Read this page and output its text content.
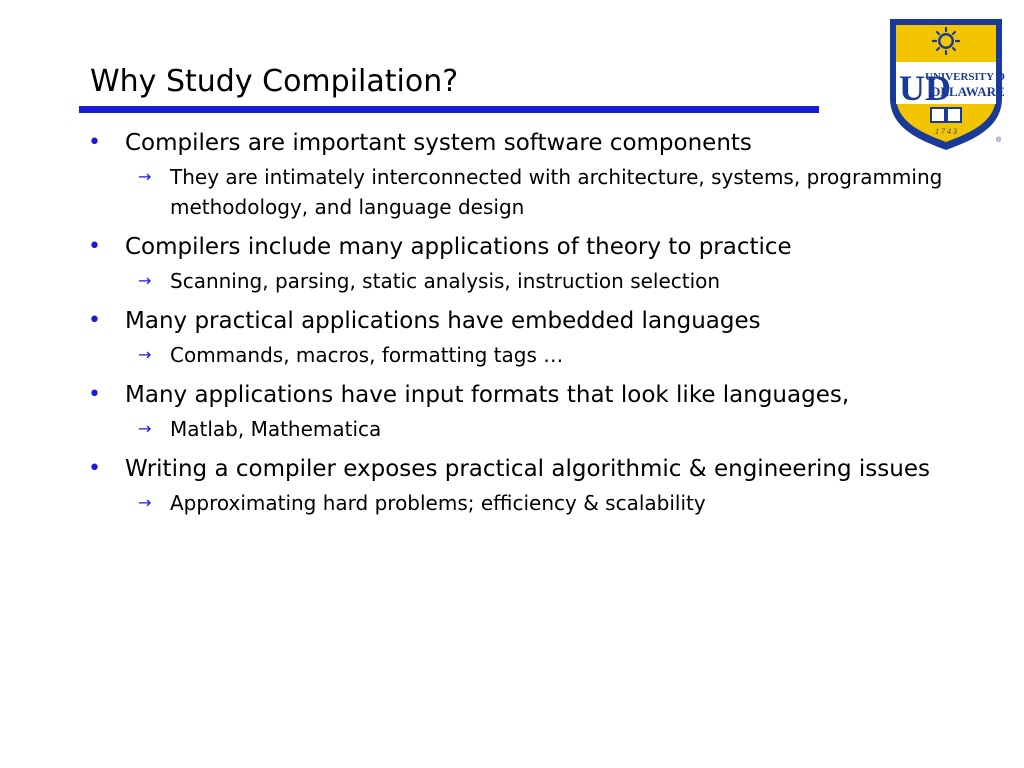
Why Study Compilation?	UD
UNIVERSITY OF
DELAWARE
1 7 4 3
®
• Compilers are important system software components
→ They are intimately interconnected with architecture, systems, programming methodology, and language design
• Compilers include many applications of theory to practice
→ Scanning, parsing, static analysis, instruction selection
• Many practical applications have embedded languages
→ Commands, macros, formatting tags …
• Many applications have input formats that look like languages,
→ Matlab, Mathematica
• Writing a compiler exposes practical algorithmic & engineering issues
→ Approximating hard problems; efficiency & scalability
